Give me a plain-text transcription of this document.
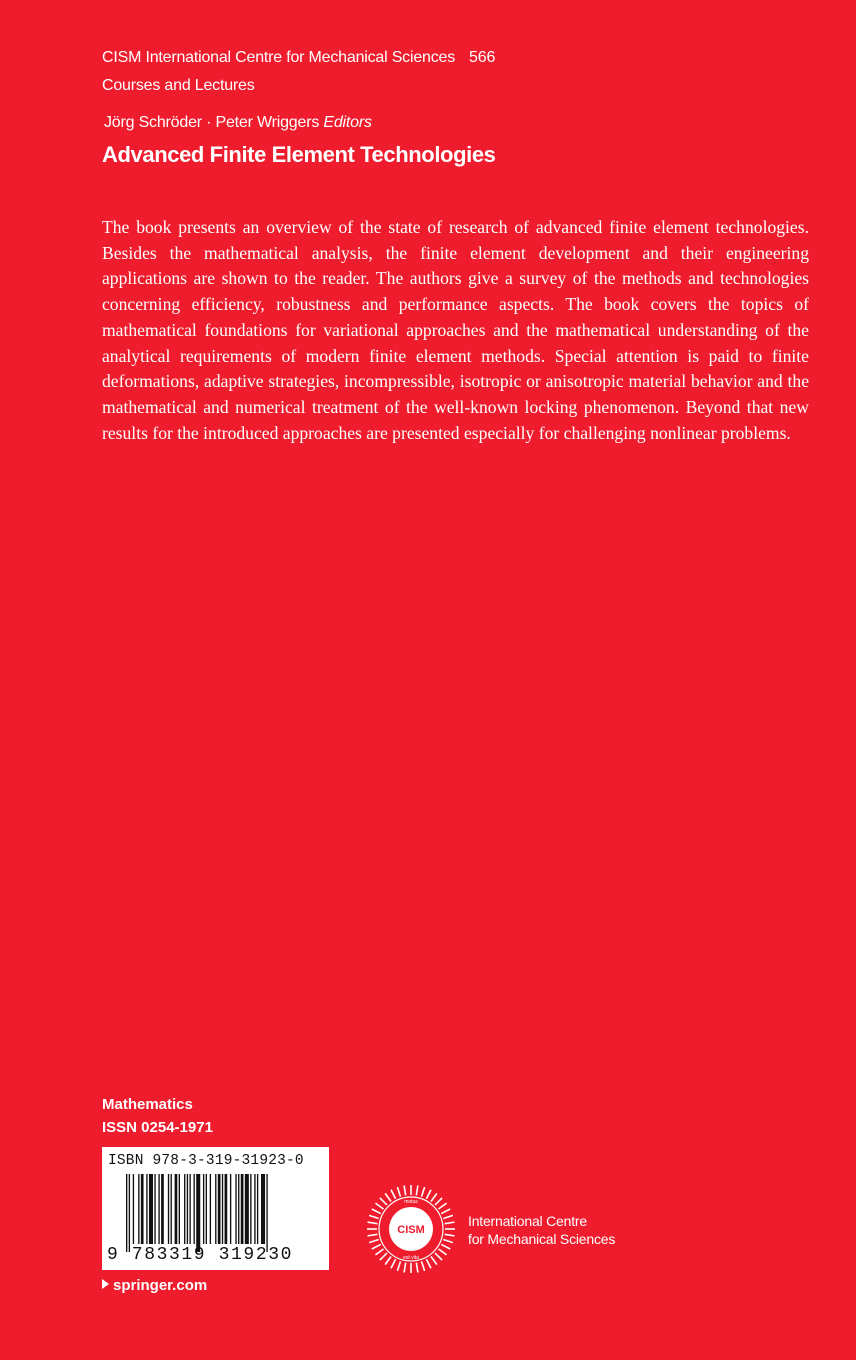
CISM International Centre for Mechanical Sciences 566
Courses and Lectures
Jörg Schröder · Peter Wriggers Editors
Advanced Finite Element Technologies
The book presents an overview of the state of research of advanced finite element technologies. Besides the mathematical analysis, the finite element development and their engineering applications are shown to the reader. The authors give a survey of the methods and technologies concerning efficiency, robustness and performance aspects. The book covers the topics of mathematical foundations for variational approaches and the mathematical understanding of the analytical requirements of modern finite element methods. Special attention is paid to finite deformations, adaptive strategies, incompressible, isotropic or anisotropic material behavior and the mathematical and numerical treatment of the well-known locking phenomenon. Beyond that new results for the introduced approaches are presented especially for challenging nonlinear problems.
Mathematics
ISSN 0254-1971
ISBN 978-3-319-31923-0
9 783319 319230
springer.com
CISM
motus
est vita
International Centre
for Mechanical Sciences
